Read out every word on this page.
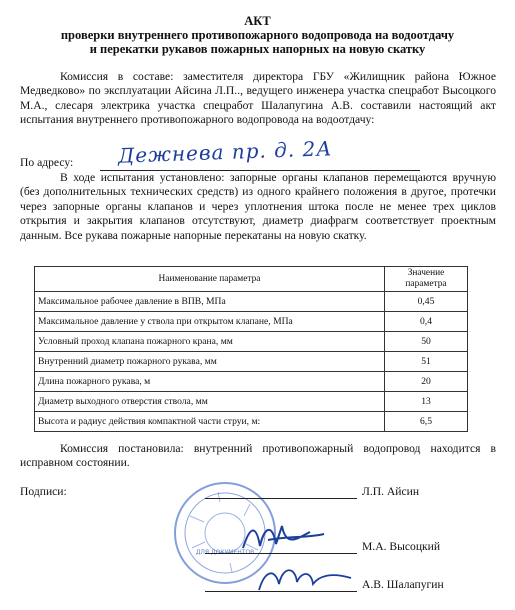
АКТ
проверки внутреннего противопожарного водопровода на водоотдачу
и перекатки рукавов пожарных напорных на новую скатку
Комиссия в составе: заместителя директора ГБУ «Жилищник района Южное Медведково» по эксплуатации Айсина Л.П.., ведущего инженера участка спецработ Высоцкого М.А., слесаря электрика участка спецработ Шалапугина А.В. составили настоящий акт испытания внутреннего противопожарного водопровода на водоотдачу:
По адресу: Дежнева пр. д. 2А
В ходе испытания установлено: запорные органы клапанов перемещаются вручную (без дополнительных технических средств) из одного крайнего положения в другое, протечки через запорные органы клапанов и через уплотнения штока после не менее трех циклов открытия и закрытия клапанов отсутствуют, диаметр диафрагм соответствует проектным данным. Все рукава пожарные напорные перекатаны на новую скатку.
Наименование параметра	Значение параметра
Максимальное рабочее давление в ВПВ, МПа	0,45
Максимальное давление у ствола при открытом клапане, МПа	0,4
Условный проход клапана пожарного крана, мм	50
Внутренний диаметр пожарного рукава, мм	51
Длина пожарного рукава, м	20
Диаметр выходного отверстия ствола, мм	13
Высота и радиус действия компактной части струи, м:	6,5
Комиссия постановила: внутренний противопожарный водопровод находится в исправном состоянии.
Подписи:
ДЛЯ ДОКУМЕНТОВ
Л.П. Айсин
М.А. Высоцкий
А.В. Шалапугин
